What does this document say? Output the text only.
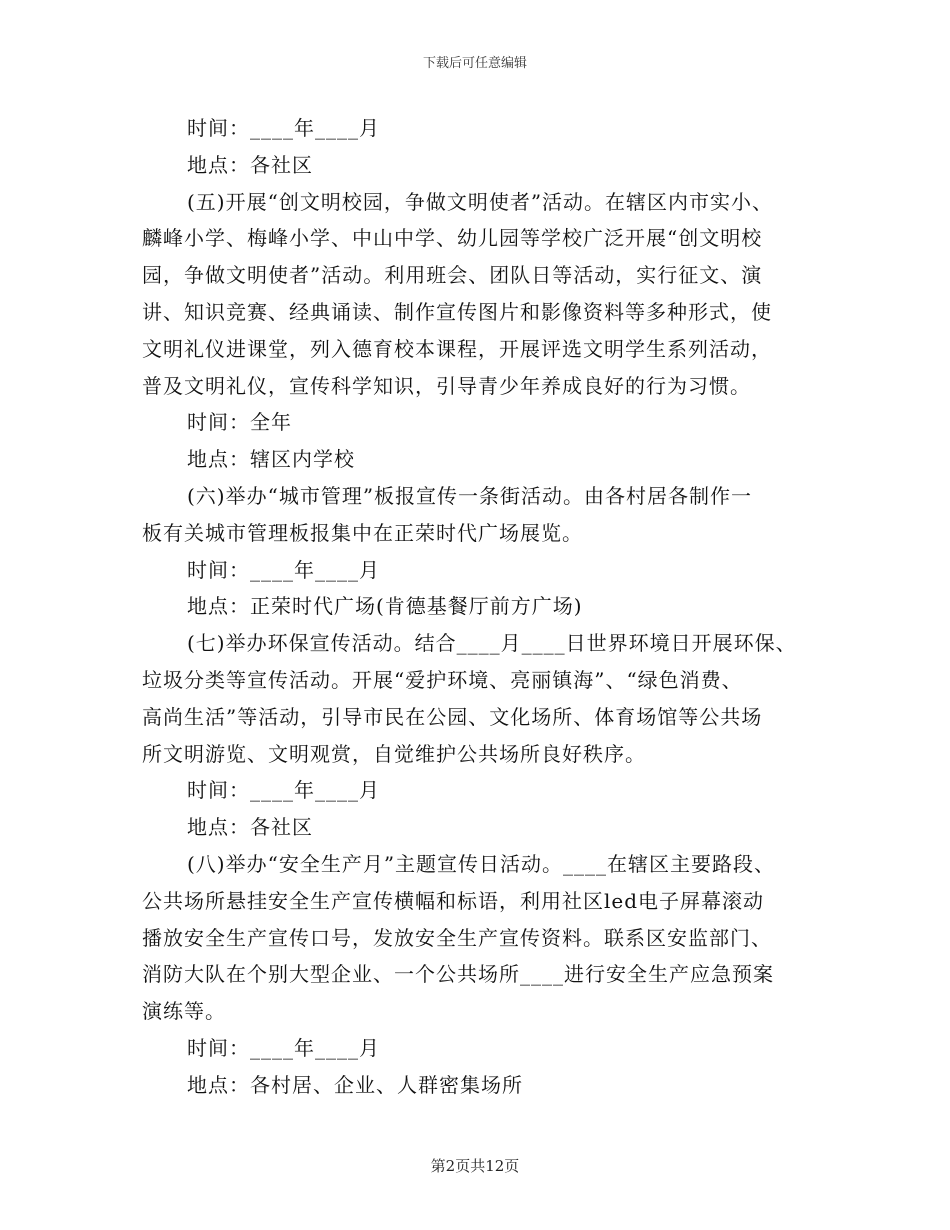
下载后可任意编辑
时间：____年____月
地点：各社区
(五)开展“创文明校园，争做文明使者”活动。在辖区内市实小、
麟峰小学、梅峰小学、中山中学、幼儿园等学校广泛开展“创文明校
园，争做文明使者”活动。利用班会、团队日等活动，实行征文、演
讲、知识竞赛、经典诵读、制作宣传图片和影像资料等多种形式，使
文明礼仪进课堂，列入德育校本课程，开展评选文明学生系列活动，
普及文明礼仪，宣传科学知识，引导青少年养成良好的行为习惯。
时间：全年
地点：辖区内学校
(六)举办“城市管理”板报宣传一条街活动。由各村居各制作一
板有关城市管理板报集中在正荣时代广场展览。
时间：____年____月
地点：正荣时代广场(肯德基餐厅前方广场)
(七)举办环保宣传活动。结合____月____日世界环境日开展环保、
垃圾分类等宣传活动。开展“爱护环境、亮丽镇海”、“绿色消费、
高尚生活”等活动，引导市民在公园、文化场所、体育场馆等公共场
所文明游览、文明观赏，自觉维护公共场所良好秩序。
时间：____年____月
地点：各社区
(八)举办“安全生产月”主题宣传日活动。____在辖区主要路段、
公共场所悬挂安全生产宣传横幅和标语，利用社区led电子屏幕滚动
播放安全生产宣传口号，发放安全生产宣传资料。联系区安监部门、
消防大队在个别大型企业、一个公共场所____进行安全生产应急预案
演练等。
时间：____年____月
地点：各村居、企业、人群密集场所
第2页共12页
